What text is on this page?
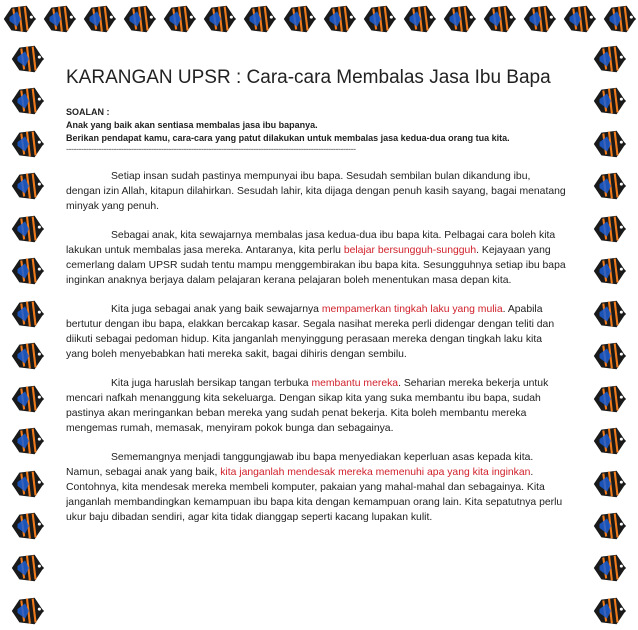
KARANGAN UPSR : Cara-cara Membalas Jasa Ibu Bapa
SOALAN :
Anak yang baik akan sentiasa membalas jasa ibu bapanya.
Berikan pendapat kamu, cara-cara yang patut dilakukan untuk membalas jasa kedua-dua orang tua kita.
--------------------------------------------------------------------------------------------------------------------

Setiap insan sudah pastinya mempunyai ibu bapa. Sesudah sembilan bulan dikandung ibu, dengan izin Allah, kitapun dilahirkan. Sesudah lahir, kita dijaga dengan penuh kasih sayang, bagai menatang minyak yang penuh.

Sebagai anak, kita sewajarnya membalas jasa kedua-dua ibu bapa kita. Pelbagai cara boleh kita lakukan untuk membalas jasa mereka. Antaranya, kita perlu belajar bersungguh-sungguh. Kejayaan yang cemerlang dalam UPSR sudah tentu mampu menggembirakan ibu bapa kita. Sesungguhnya setiap ibu bapa inginkan anaknya berjaya dalam pelajaran kerana pelajaran boleh menentukan masa depan kita.

Kita juga sebagai anak yang baik sewajarnya mempamerkan tingkah laku yang mulia. Apabila bertutur dengan ibu bapa, elakkan bercakap kasar. Segala nasihat mereka perli didengar dengan teliti dan diikuti sebagai pedoman hidup. Kita janganlah menyinggung perasaan mereka dengan tingkah laku kita yang boleh menyebabkan hati mereka sakit, bagai dihiris dengan sembilu.

Kita juga haruslah bersikap tangan terbuka membantu mereka. Seharian mereka bekerja untuk mencari nafkah menanggung kita sekeluarga. Dengan sikap kita yang suka membantu ibu bapa, sudah pastinya akan meringankan beban mereka yang sudah penat bekerja. Kita boleh membantu mereka mengemas rumah, memasak, menyiram pokok bunga dan sebagainya.

Sememangnya menjadi tanggungjawab ibu bapa menyediakan keperluan asas kepada kita. Namun, sebagai anak yang baik, kita janganlah mendesak mereka memenuhi apa yang kita inginkan. Contohnya, kita mendesak mereka membeli komputer, pakaian yang mahal-mahal dan sebagainya. Kita janganlah membandingkan kemampuan ibu bapa kita dengan kemampuan orang lain. Kita sepatutnya perlu ukur baju dibadan sendiri, agar kita tidak dianggap seperti kacang lupakan kulit.
